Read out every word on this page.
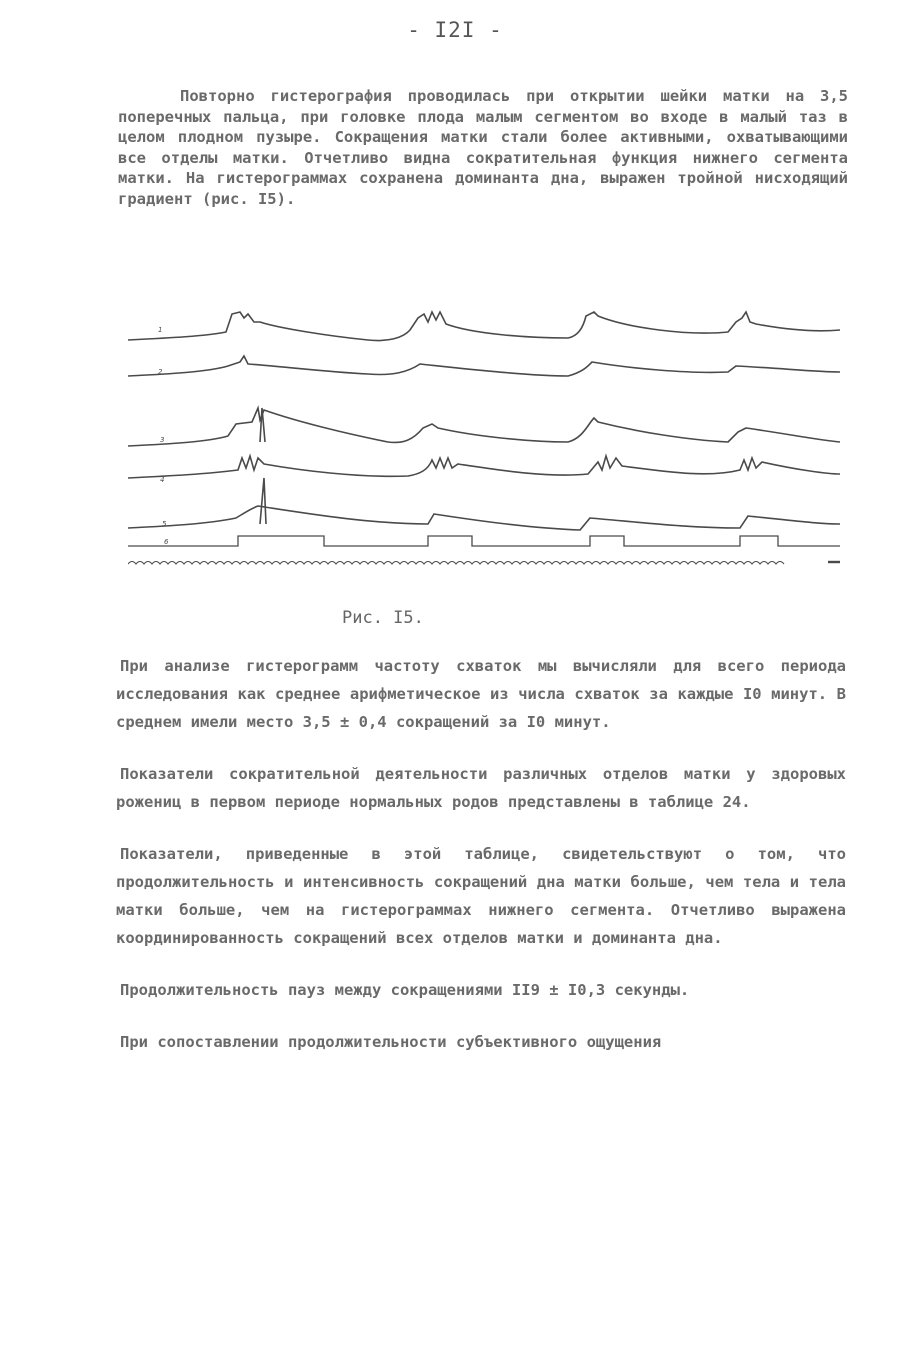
- I2I -

Повторно гистерография проводилась при открытии шейки матки на 3,5 поперечных пальца, при головке плода малым сегментом во входе в малый таз в целом плодном пузыре. Сокращения матки стали более активными, охватывающими все отделы матки. Отчетливо видна сократительная функция нижнего сегмента матки. На гистерограммах сохранена доминанта дна, выражен тройной нисходящий градиент (рис. I5).

1
2
3
4
5
6
Рис. I5.

При анализе гистерограмм частоту схваток мы вычисляли для всего периода исследования как среднее арифметическое из числа схваток за каждые I0 минут. В среднем имели место 3,5 ± 0,4 сокращений за I0 минут.

Показатели сократительной деятельности различных отделов матки у здоровых рожениц в первом периоде нормальных родов представлены в таблице 24.

Показатели, приведенные в этой таблице, свидетельствуют о том, что продолжительность и интенсивность сокращений дна матки больше, чем тела и тела матки больше, чем на гистерограммах нижнего сегмента. Отчетливо выражена координированность сокращений всех отделов матки и доминанта дна.

Продолжительность пауз между сокращениями II9 ± I0,3 секунды.

При сопоставлении продолжительности субъективного ощущения
